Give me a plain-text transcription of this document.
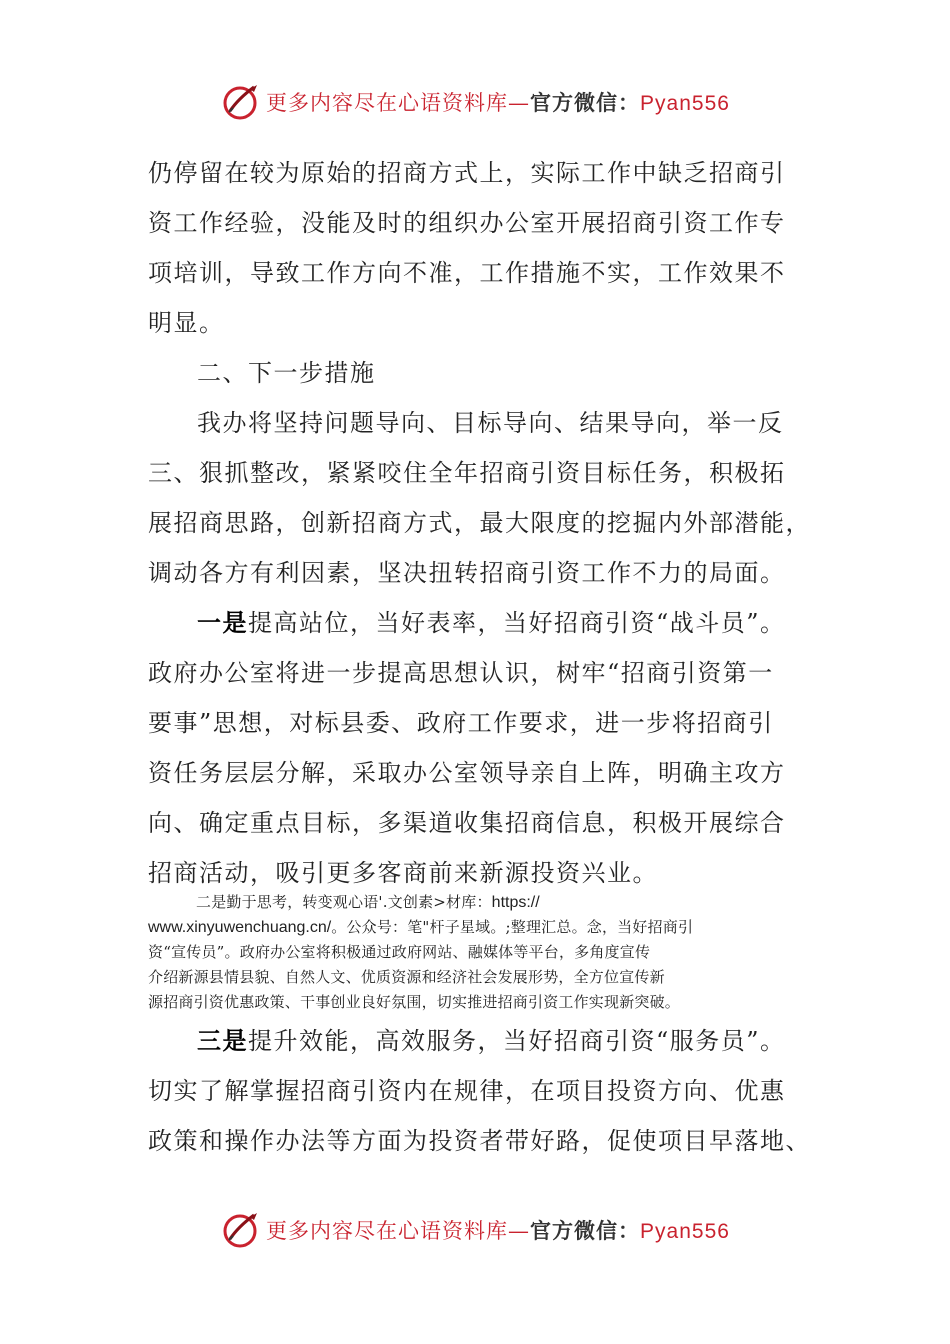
更多内容尽在心语资料库—官方微信：Pyan556
仍停留在较为原始的招商方式上，实际工作中缺乏招商引
资工作经验，没能及时的组织办公室开展招商引资工作专
项培训，导致工作方向不准，工作措施不实，工作效果不
明显。
二、下一步措施
我办将坚持问题导向、目标导向、结果导向，举一反
三、狠抓整改，紧紧咬住全年招商引资目标任务，积极拓
展招商思路，创新招商方式，最大限度的挖掘内外部潜能，
调动各方有利因素，坚决扭转招商引资工作不力的局面。
一是提高站位，当好表率，当好招商引资“战斗员”。
政府办公室将进一步提高思想认识，树牢“招商引资第一
要事”思想，对标县委、政府工作要求，进一步将招商引
资任务层层分解，采取办公室领导亲自上阵，明确主攻方
向、确定重点目标，多渠道收集招商信息，积极开展综合
招商活动，吸引更多客商前来新源投资兴业。
二是勤于思考，转变观心语'.文创素>材库：https://
www.xinyuwenchuang.cn/。公众号：笔"杆子星域。;整理汇总。念，当好招商引
资“宣传员”。政府办公室将积极通过政府网站、融媒体等平台，多角度宣传
介绍新源县情县貌、自然人文、优质资源和经济社会发展形势，全方位宣传新
源招商引资优惠政策、干事创业良好氛围，切实推进招商引资工作实现新突破。
三是提升效能，高效服务，当好招商引资“服务员”。
切实了解掌握招商引资内在规律，在项目投资方向、优惠
政策和操作办法等方面为投资者带好路，促使项目早落地、
更多内容尽在心语资料库—官方微信：Pyan556
